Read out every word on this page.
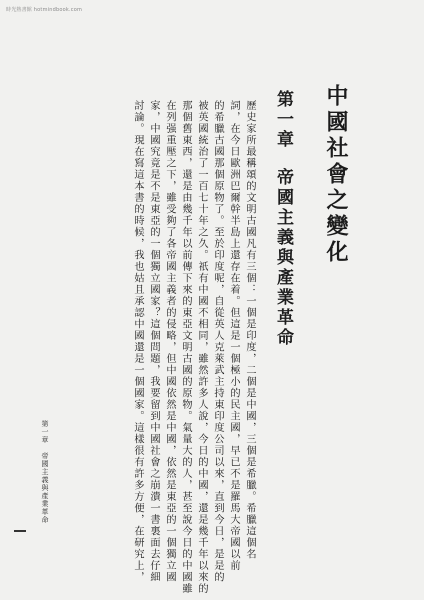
時光熱書館 hotmindbook.com
中國社會之變化
第一章帝國主義與產業革命
歷史家所最稱頌的文明古國凡有三個：一個是印度，二個是中國，三個是希臘。希臘這個名
詞，在今日歐洲巴爾幹半島上還存在着。但這是一個極小的民主國，早已不是羅馬大帝國以前
的希臘古國那個原物了。至於印度呢，自從英人克萊武主持東印度公司以來，直到今日，是是的
被英國統治了一百七十年之久。祇有中國不相同，雖然許多人說，今日的中國，還是幾千年以來的
那個舊東西，還是由幾千年以前傳下來的東亞文明古國的原物。氣量大的人，甚至說今日的中國雖
在列强重壓之下，雖受夠了各帝國主義者的侵略，但中國依然是中國，依然是東亞的一個獨立國
家，中國究竟是不是東亞的一個獨立國家？這個問題，我要留到中國社會之崩潰一書裏面去仔細
討論。現在寫這本書的時候，我也姑且承認中國還是一個國家。這樣很有許多方便，在研究上，
第一章　帝國主義與產業革命
